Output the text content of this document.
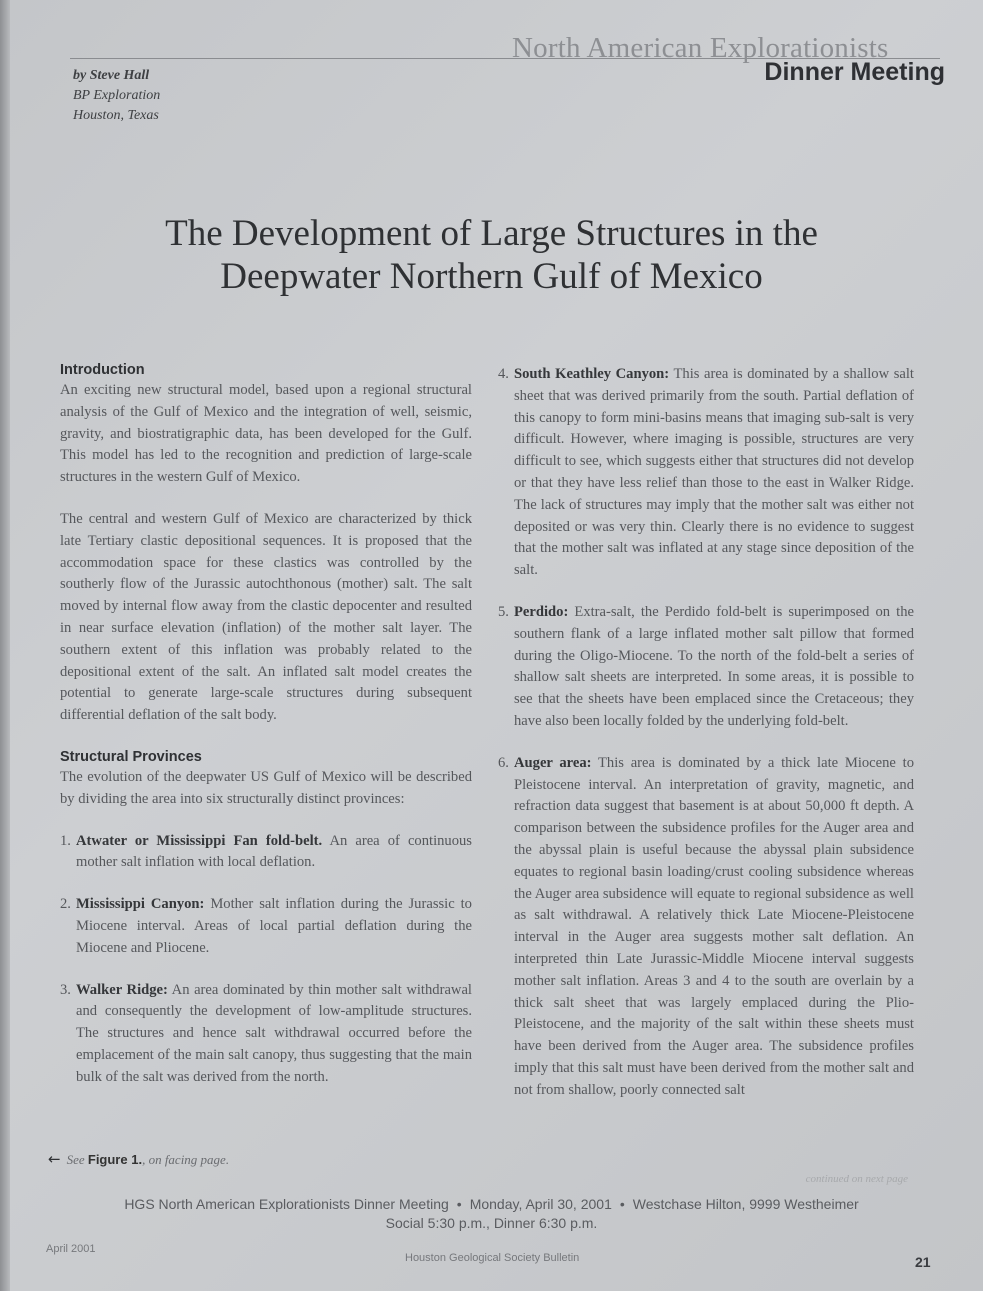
North American Explorationists
Dinner Meeting
by Steve Hall
BP Exploration
Houston, Texas
The Development of Large Structures in the
Deepwater Northern Gulf of Mexico

Introduction

An exciting new structural model, based upon a regional structural analysis of the Gulf of Mexico and the integration of well, seismic, gravity, and biostratigraphic data, has been developed for the Gulf. This model has led to the recognition and prediction of large-scale structures in the western Gulf of Mexico.

The central and western Gulf of Mexico are characterized by thick late Tertiary clastic depositional sequences. It is proposed that the accommodation space for these clastics was controlled by the southerly flow of the Jurassic autochthonous (mother) salt. The salt moved by internal flow away from the clastic depocenter and resulted in near surface elevation (inflation) of the mother salt layer. The southern extent of this inflation was probably related to the depositional extent of the salt. An inflated salt model creates the potential to generate large-scale structures during subsequent differential deflation of the salt body.

Structural Provinces

The evolution of the deepwater US Gulf of Mexico will be described by dividing the area into six structurally distinct provinces:

1. Atwater or Mississippi Fan fold-belt. An area of continuous mother salt inflation with local deflation.
2. Mississippi Canyon: Mother salt inflation during the Jurassic to Miocene interval. Areas of local partial deflation during the Miocene and Pliocene.
3. Walker Ridge: An area dominated by thin mother salt withdrawal and consequently the development of low-amplitude structures. The structures and hence salt withdrawal occurred before the emplacement of the main salt canopy, thus suggesting that the main bulk of the salt was derived from the north.
4. South Keathley Canyon: This area is dominated by a shallow salt sheet that was derived primarily from the south. Partial deflation of this canopy to form mini-basins means that imaging sub-salt is very difficult. However, where imaging is possible, structures are very difficult to see, which suggests either that structures did not develop or that they have less relief than those to the east in Walker Ridge. The lack of structures may imply that the mother salt was either not deposited or was very thin. Clearly there is no evidence to suggest that the mother salt was inflated at any stage since deposition of the salt.
5. Perdido: Extra-salt, the Perdido fold-belt is superimposed on the southern flank of a large inflated mother salt pillow that formed during the Oligo-Miocene. To the north of the fold-belt a series of shallow salt sheets are interpreted. In some areas, it is possible to see that the sheets have been emplaced since the Cretaceous; they have also been locally folded by the underlying fold-belt.
6. Auger area: This area is dominated by a thick late Miocene to Pleistocene interval. An interpretation of gravity, magnetic, and refraction data suggest that basement is at about 50,000 ft depth. A comparison between the subsidence profiles for the Auger area and the abyssal plain is useful because the abyssal plain subsidence equates to regional basin loading/crust cooling subsidence whereas the Auger area subsidence will equate to regional subsidence as well as salt withdrawal. A relatively thick Late Miocene-Pleistocene interval in the Auger area suggests mother salt deflation. An interpreted thin Late Jurassic-Middle Miocene interval suggests mother salt inflation. Areas 3 and 4 to the south are overlain by a thick salt sheet that was largely emplaced during the Plio-Pleistocene, and the majority of the salt within these sheets must have been derived from the Auger area. The subsidence profiles imply that this salt must have been derived from the mother salt and not from shallow, poorly connected salt
← See Figure 1., on facing page.
continued on next page
HGS North American Explorationists Dinner Meeting • Monday, April 30, 2001 • Westchase Hilton, 9999 Westheimer
Social 5:30 p.m., Dinner 6:30 p.m.
April 2001
Houston Geological Society Bulletin	21
